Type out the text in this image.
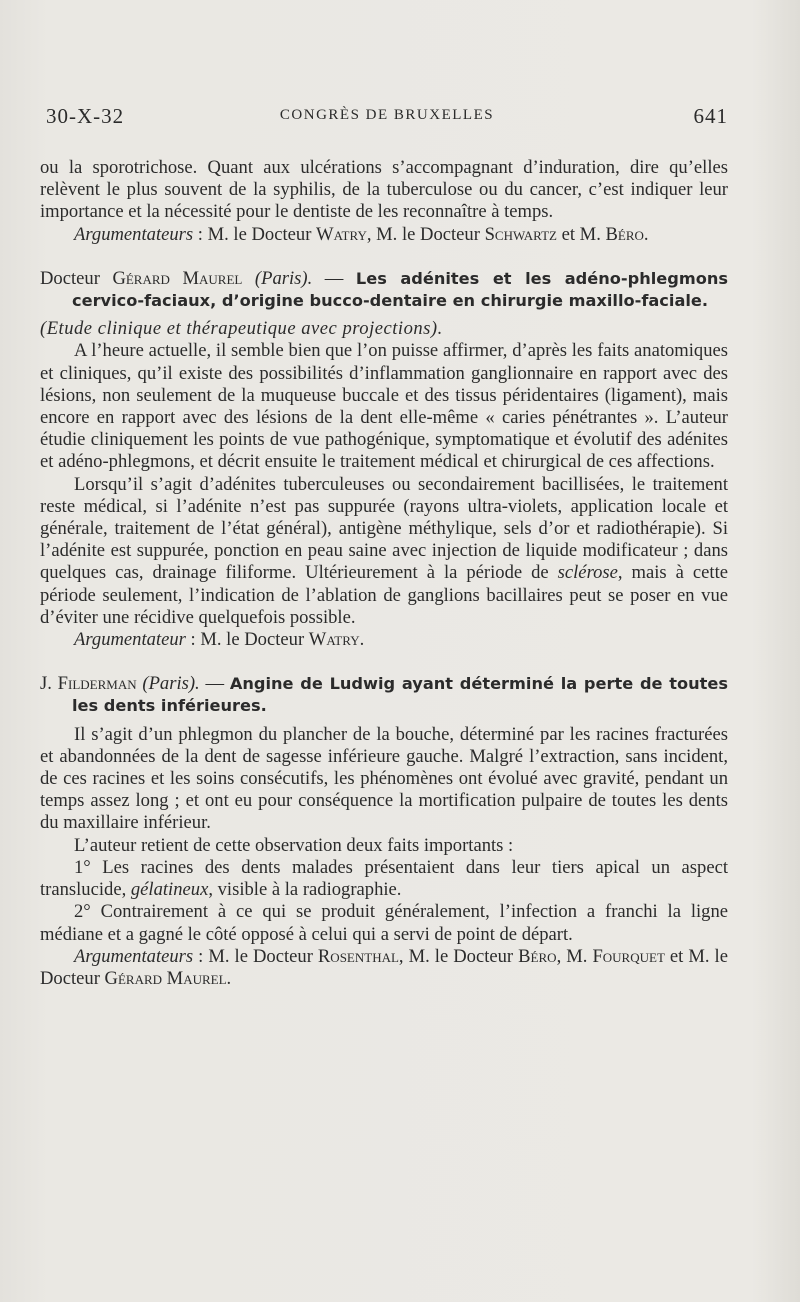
30-X-32	CONGRÈS DE BRUXELLES	641

ou la sporotrichose. Quant aux ulcérations s’accompagnant d’induration, dire qu’elles relèvent le plus souvent de la syphilis, de la tuberculose ou du cancer, c’est indiquer leur importance et la nécessité pour le dentiste de les reconnaître à temps.

Argumentateurs : M. le Docteur Watry, M. le Docteur Schwartz et M. Béro.

Docteur Gérard Maurel (Paris). — Les adénites et les adéno-phlegmons cervico-faciaux, d’origine bucco-dentaire en chirurgie maxillo-faciale.

(Etude clinique et thérapeutique avec projections).

A l’heure actuelle, il semble bien que l’on puisse affirmer, d’après les faits anatomiques et cliniques, qu’il existe des possibilités d’inflammation ganglionnaire en rapport avec des lésions, non seulement de la muqueuse buccale et des tissus péridentaires (ligament), mais encore en rapport avec des lésions de la dent elle-même « caries pénétrantes ». L’auteur étudie cliniquement les points de vue pathogénique, symptomatique et évolutif des adénites et adéno-phlegmons, et décrit ensuite le traitement médical et chirurgical de ces affections.

Lorsqu’il s’agit d’adénites tuberculeuses ou secondairement bacillisées, le traitement reste médical, si l’adénite n’est pas suppurée (rayons ultra-violets, application locale et générale, traitement de l’état général), antigène méthylique, sels d’or et radiothérapie). Si l’adénite est suppurée, ponction en peau saine avec injection de liquide modificateur ; dans quelques cas, drainage filiforme. Ultérieurement à la période de sclérose, mais à cette période seulement, l’indication de l’ablation de ganglions bacillaires peut se poser en vue d’éviter une récidive quelquefois possible.

Argumentateur : M. le Docteur Watry.

J. Filderman (Paris). — Angine de Ludwig ayant déterminé la perte de toutes les dents inférieures.

Il s’agit d’un phlegmon du plancher de la bouche, déterminé par les racines fracturées et abandonnées de la dent de sagesse inférieure gauche. Malgré l’extraction, sans incident, de ces racines et les soins consécutifs, les phénomènes ont évolué avec gravité, pendant un temps assez long ; et ont eu pour conséquence la mortification pulpaire de toutes les dents du maxillaire inférieur.

L’auteur retient de cette observation deux faits importants :

1° Les racines des dents malades présentaient dans leur tiers apical un aspect translucide, gélatineux, visible à la radiographie.

2° Contrairement à ce qui se produit généralement, l’infection a franchi la ligne médiane et a gagné le côté opposé à celui qui a servi de point de départ.

Argumentateurs : M. le Docteur Rosenthal, M. le Docteur Béro, M. Fourquet et M. le Docteur Gérard Maurel.
